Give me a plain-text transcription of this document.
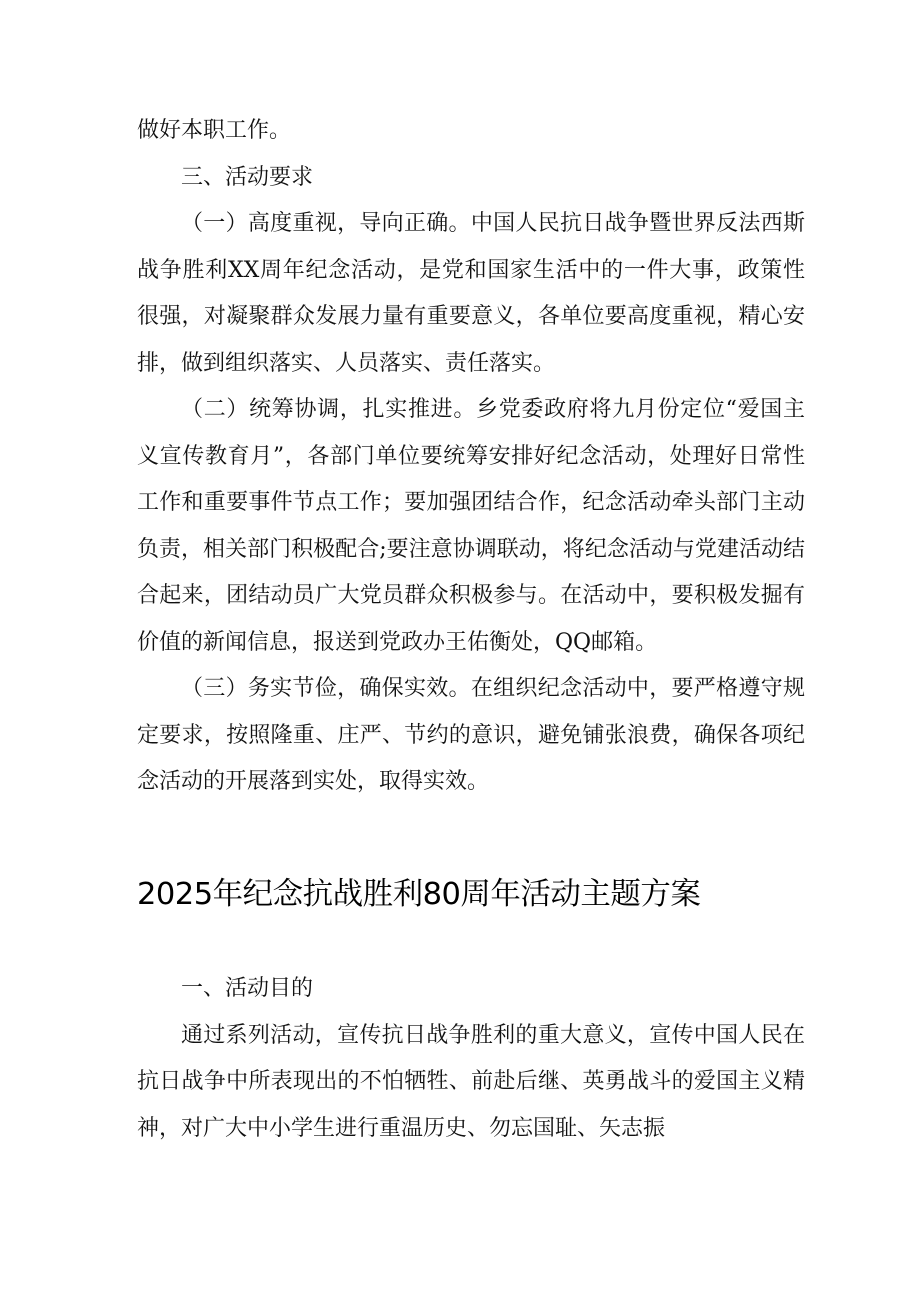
做好本职工作。

三、活动要求

（一）高度重视，导向正确。中国人民抗日战争暨世界反法西斯战争胜利XX周年纪念活动，是党和国家生活中的一件大事，政策性很强，对凝聚群众发展力量有重要意义，各单位要高度重视，精心安排，做到组织落实、人员落实、责任落实。

（二）统筹协调，扎实推进。乡党委政府将九月份定位“爱国主义宣传教育月”，各部门单位要统筹安排好纪念活动，处理好日常性工作和重要事件节点工作；要加强团结合作，纪念活动牵头部门主动负责，相关部门积极配合;要注意协调联动，将纪念活动与党建活动结合起来，团结动员广大党员群众积极参与。在活动中，要积极发掘有价值的新闻信息，报送到党政办王佑衡处，QQ邮箱。

（三）务实节俭，确保实效。在组织纪念活动中，要严格遵守规定要求，按照隆重、庄严、节约的意识，避免铺张浪费，确保各项纪念活动的开展落到实处，取得实效。

2025年纪念抗战胜利80周年活动主题方案

一、活动目的

通过系列活动，宣传抗日战争胜利的重大意义，宣传中国人民在抗日战争中所表现出的不怕牺牲、前赴后继、英勇战斗的爱国主义精神，对广大中小学生进行重温历史、勿忘国耻、矢志振
